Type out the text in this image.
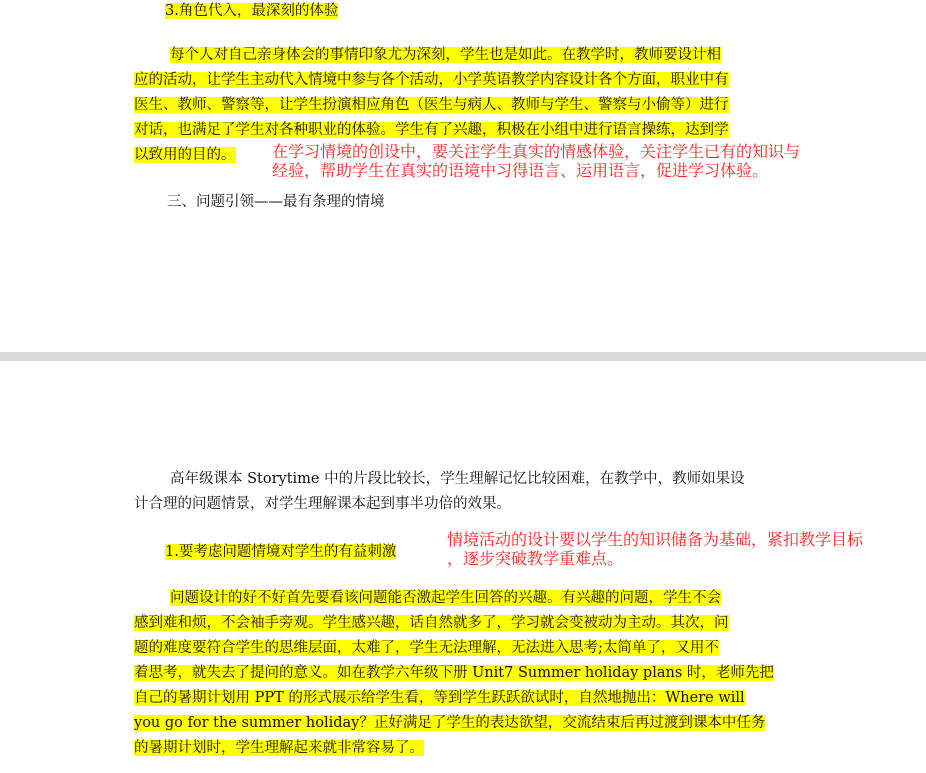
3.角色代入，最深刻的体验
每个人对自己亲身体会的事情印象尤为深刻，学生也是如此。在教学时，教师要设计相
应的活动，让学生主动代入情境中参与各个活动，小学英语教学内容设计各个方面，职业中有
医生、教师、警察等，让学生扮演相应角色（医生与病人、教师与学生、警察与小偷等）进行
对话，也满足了学生对各种职业的体验。学生有了兴趣，积极在小组中进行语言操练，达到学
以致用的目的。 在学习情境的创设中，要关注学生真实的情感体验，关注学生已有的知识与
经验，帮助学生在真实的语境中习得语言、运用语言，促进学习体验。
三、问题引领——最有条理的情境
高年级课本 Storytime 中的片段比较长，学生理解记忆比较困难，在教学中，教师如果设
计合理的问题情景，对学生理解课本起到事半功倍的效果。
1.要考虑问题情境对学生的有益刺激
情境活动的设计要以学生的知识储备为基础，紧扣教学目标
，逐步突破教学重难点。
问题设计的好不好首先要看该问题能否激起学生回答的兴趣。有兴趣的问题，学生不会
感到难和烦，不会袖手旁观。学生感兴趣，话自然就多了，学习就会变被动为主动。其次，问
题的难度要符合学生的思维层面，太难了，学生无法理解，无法进入思考;太简单了，又用不
着思考，就失去了提问的意义。如在教学六年级下册 Unit7 Summer holiday plans 时，老师先把
自己的暑期计划用 PPT 的形式展示给学生看，等到学生跃跃欲试时，自然地抛出：Where will
you go for the summer holiday？正好满足了学生的表达欲望，交流结束后再过渡到课本中任务
的暑期计划时，学生理解起来就非常容易了。
